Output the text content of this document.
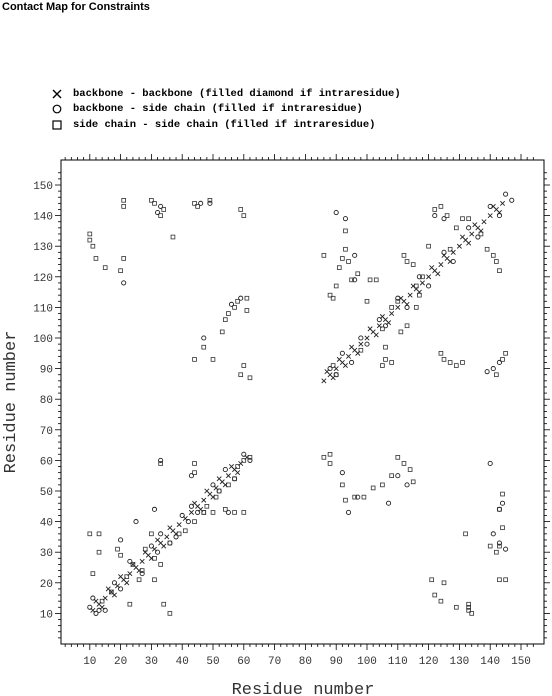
Contact Map for Constraints

backbone - backbone (filled diamond if intraresidue)

backbone - side chain (filled if intraresidue)

side chain - side chain (filled if intraresidue)
10 20 30 40 50 60 70 80 90 100 110 120 130 140 150
10
20
30
40
50
60
70
80
90
100
110
120
130
140
150
Residue number
Residue number
